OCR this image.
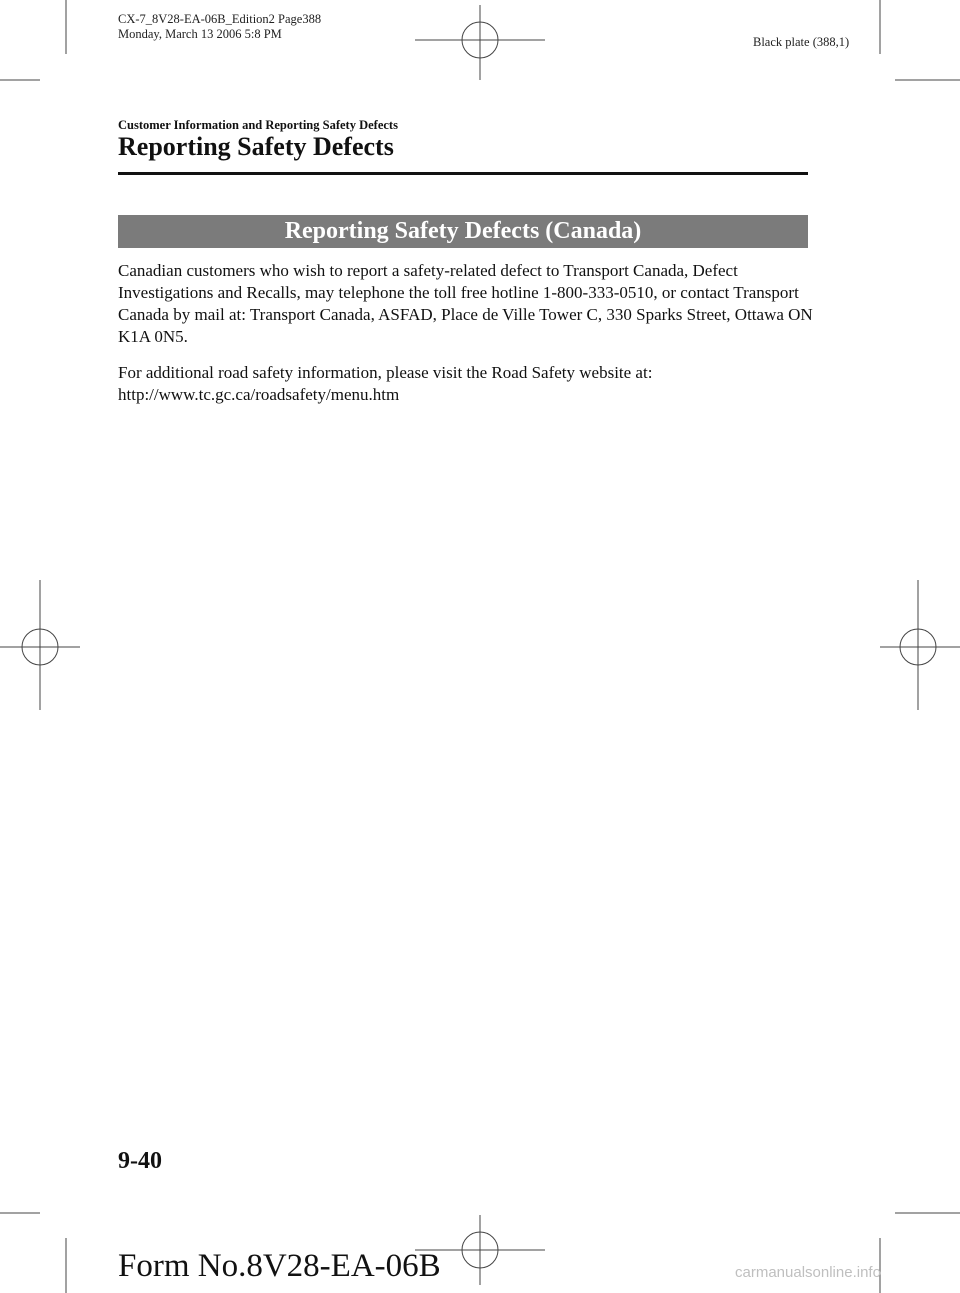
CX-7_8V28-EA-06B_Edition2 Page388
Monday, March 13 2006 5:8 PM
Black plate (388,1)
Customer Information and Reporting Safety Defects
Reporting Safety Defects
Reporting Safety Defects (Canada)
Canadian customers who wish to report a safety-related defect to Transport Canada, Defect Investigations and Recalls, may telephone the toll free hotline 1-800-333-0510, or contact Transport Canada by mail at: Transport Canada, ASFAD, Place de Ville Tower C, 330 Sparks Street, Ottawa ON K1A 0N5.
For additional road safety information, please visit the Road Safety website at:
http://www.tc.gc.ca/roadsafety/menu.htm
9-40
Form No.8V28-EA-06B	carmanualsonline.info
